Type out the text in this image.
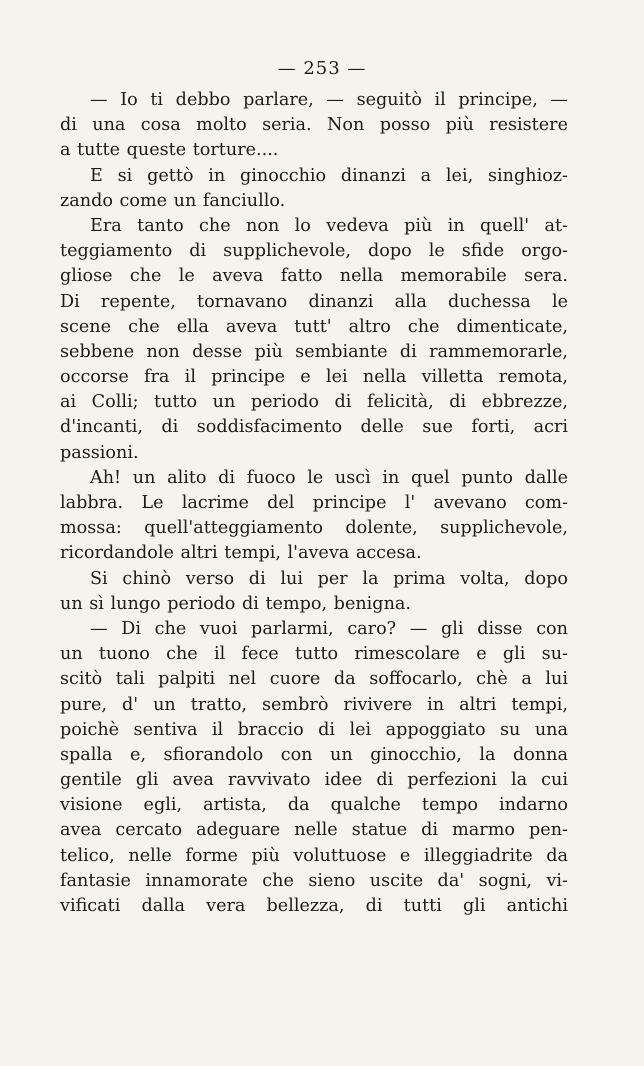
— 253 —
— Io ti debbo parlare, — seguitò il principe, —
di una cosa molto seria. Non posso più resistere
a tutte queste torture....
E si gettò in ginocchio dinanzi a lei, singhioz-
zando come un fanciullo.
Era tanto che non lo vedeva più in quell' at-
teggiamento di supplichevole, dopo le sfide orgo-
gliose che le aveva fatto nella memorabile sera.
Di repente, tornavano dinanzi alla duchessa le
scene che ella aveva tutt' altro che dimenticate,
sebbene non desse più sembiante di rammemorarle,
occorse fra il principe e lei nella villetta remota,
ai Colli; tutto un periodo di felicità, di ebbrezze,
d'incanti, di soddisfacimento delle sue forti, acri
passioni.
Ah! un alito di fuoco le uscì in quel punto dalle
labbra. Le lacrime del principe l' avevano com-
mossa: quell'atteggiamento dolente, supplichevole,
ricordandole altri tempi, l'aveva accesa.
Si chinò verso di lui per la prima volta, dopo
un sì lungo periodo di tempo, benigna.
— Di che vuoi parlarmi, caro? — gli disse con
un tuono che il fece tutto rimescolare e gli su-
scitò tali palpiti nel cuore da soffocarlo, chè a lui
pure, d' un tratto, sembrò rivivere in altri tempi,
poichè sentiva il braccio di lei appoggiato su una
spalla e, sfiorandolo con un ginocchio, la donna
gentile gli avea ravvivato idee di perfezioni la cui
visione egli, artista, da qualche tempo indarno
avea cercato adeguare nelle statue di marmo pen-
telico, nelle forme più voluttuose e illeggiadrite da
fantasie innamorate che sieno uscite da' sogni, vi-
vificati dalla vera bellezza, di tutti gli antichi
